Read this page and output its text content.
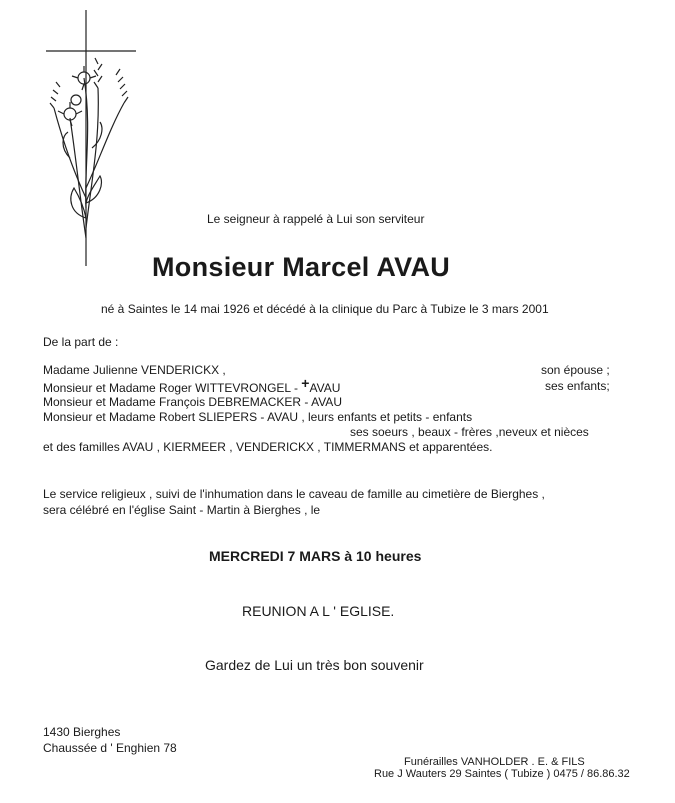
Le seigneur à rappelé à Lui son serviteur
Monsieur Marcel AVAU
né à Saintes le 14 mai 1926 et décédé à la clinique du Parc à Tubize le 3 mars 2001
De la part de :
Madame Julienne VENDERICKX ,	son épouse ;
Monsieur et Madame Roger WITTEVRONGEL - +AVAU	ses enfants;
Monsieur et Madame François DEBREMACKER - AVAU
Monsieur et Madame Robert SLIEPERS - AVAU , leurs enfants et petits - enfants
ses soeurs , beaux - frères ,neveux et nièces
et des familles AVAU , KIERMEER , VENDERICKX , TIMMERMANS et apparentées.
Le service religieux , suivi de l'inhumation dans le caveau de famille au cimetière de Bierghes ,
sera célébré en l'église Saint - Martin à Bierghes , le
MERCREDI 7 MARS à 10 heures
REUNION A L ' EGLISE.
Gardez de Lui un très bon souvenir
1430 Bierghes
Chaussée d ' Enghien 78
Funérailles VANHOLDER . E. & FILS
Rue J Wauters 29 Saintes ( Tubize ) 0475 / 86.86.32
